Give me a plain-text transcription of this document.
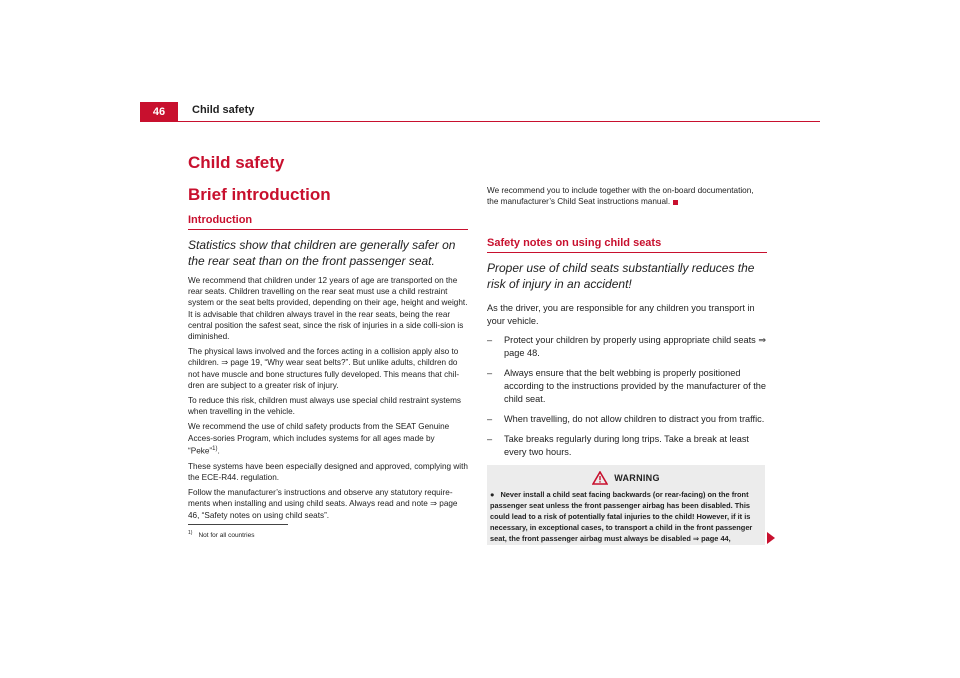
46	Child safety
Child safety
Brief introduction
Introduction

Statistics show that children are generally safer on the rear seat than on the front passenger seat.

We recommend that children under 12 years of age are transported on the rear seats. Children travelling on the rear seat must use a child restraint system or the seat belts provided, depending on their age, height and weight. It is advisable that children always travel in the rear seats, being the rear central position the safest seat, since the risk of injuries in a side colli-sion is diminished.

The physical laws involved and the forces acting in a collision apply also to children. ⇒ page 19, “Why wear seat belts?”. But unlike adults, children do not have muscle and bone structures fully developed. This means that chil-dren are subject to a greater risk of injury.

To reduce this risk, children must always use special child restraint systems when travelling in the vehicle.

We recommend the use of child safety products from the SEAT Genuine Acces-sories Program, which includes systems for all ages made by “Peke”$^{1)}$.

These systems have been especially designed and approved, complying with the ECE-R44. regulation.

Follow the manufacturer’s instructions and observe any statutory require-ments when installing and using child seats. Always read and note ⇒ page 46, “Safety notes on using child seats”.

$^{1)}$ Not for all countries

We recommend you to include together with the on-board documentation, the manufacturer’s Child Seat instructions manual.

Safety notes on using child seats

Proper use of child seats substantially reduces the risk of injury in an accident!

As the driver, you are responsible for any children you transport in your vehicle.

– Protect your children by properly using appropriate child seats ⇒ page 48.
– Always ensure that the belt webbing is properly positioned according to the instructions provided by the manufacturer of the child seat.
– When travelling, do not allow children to distract you from traffic.
– Take breaks regularly during long trips. Take a break at least every two hours.
WARNING
● Never install a child seat facing backwards (or rear-facing) on the front passenger seat unless the front passenger airbag has been disabled. This could lead to a risk of potentially fatal injuries to the child! However, if it is necessary, in exceptional cases, to transport a child in the front passenger seat, the front passenger airbag must always be disabled ⇒ page 44,
